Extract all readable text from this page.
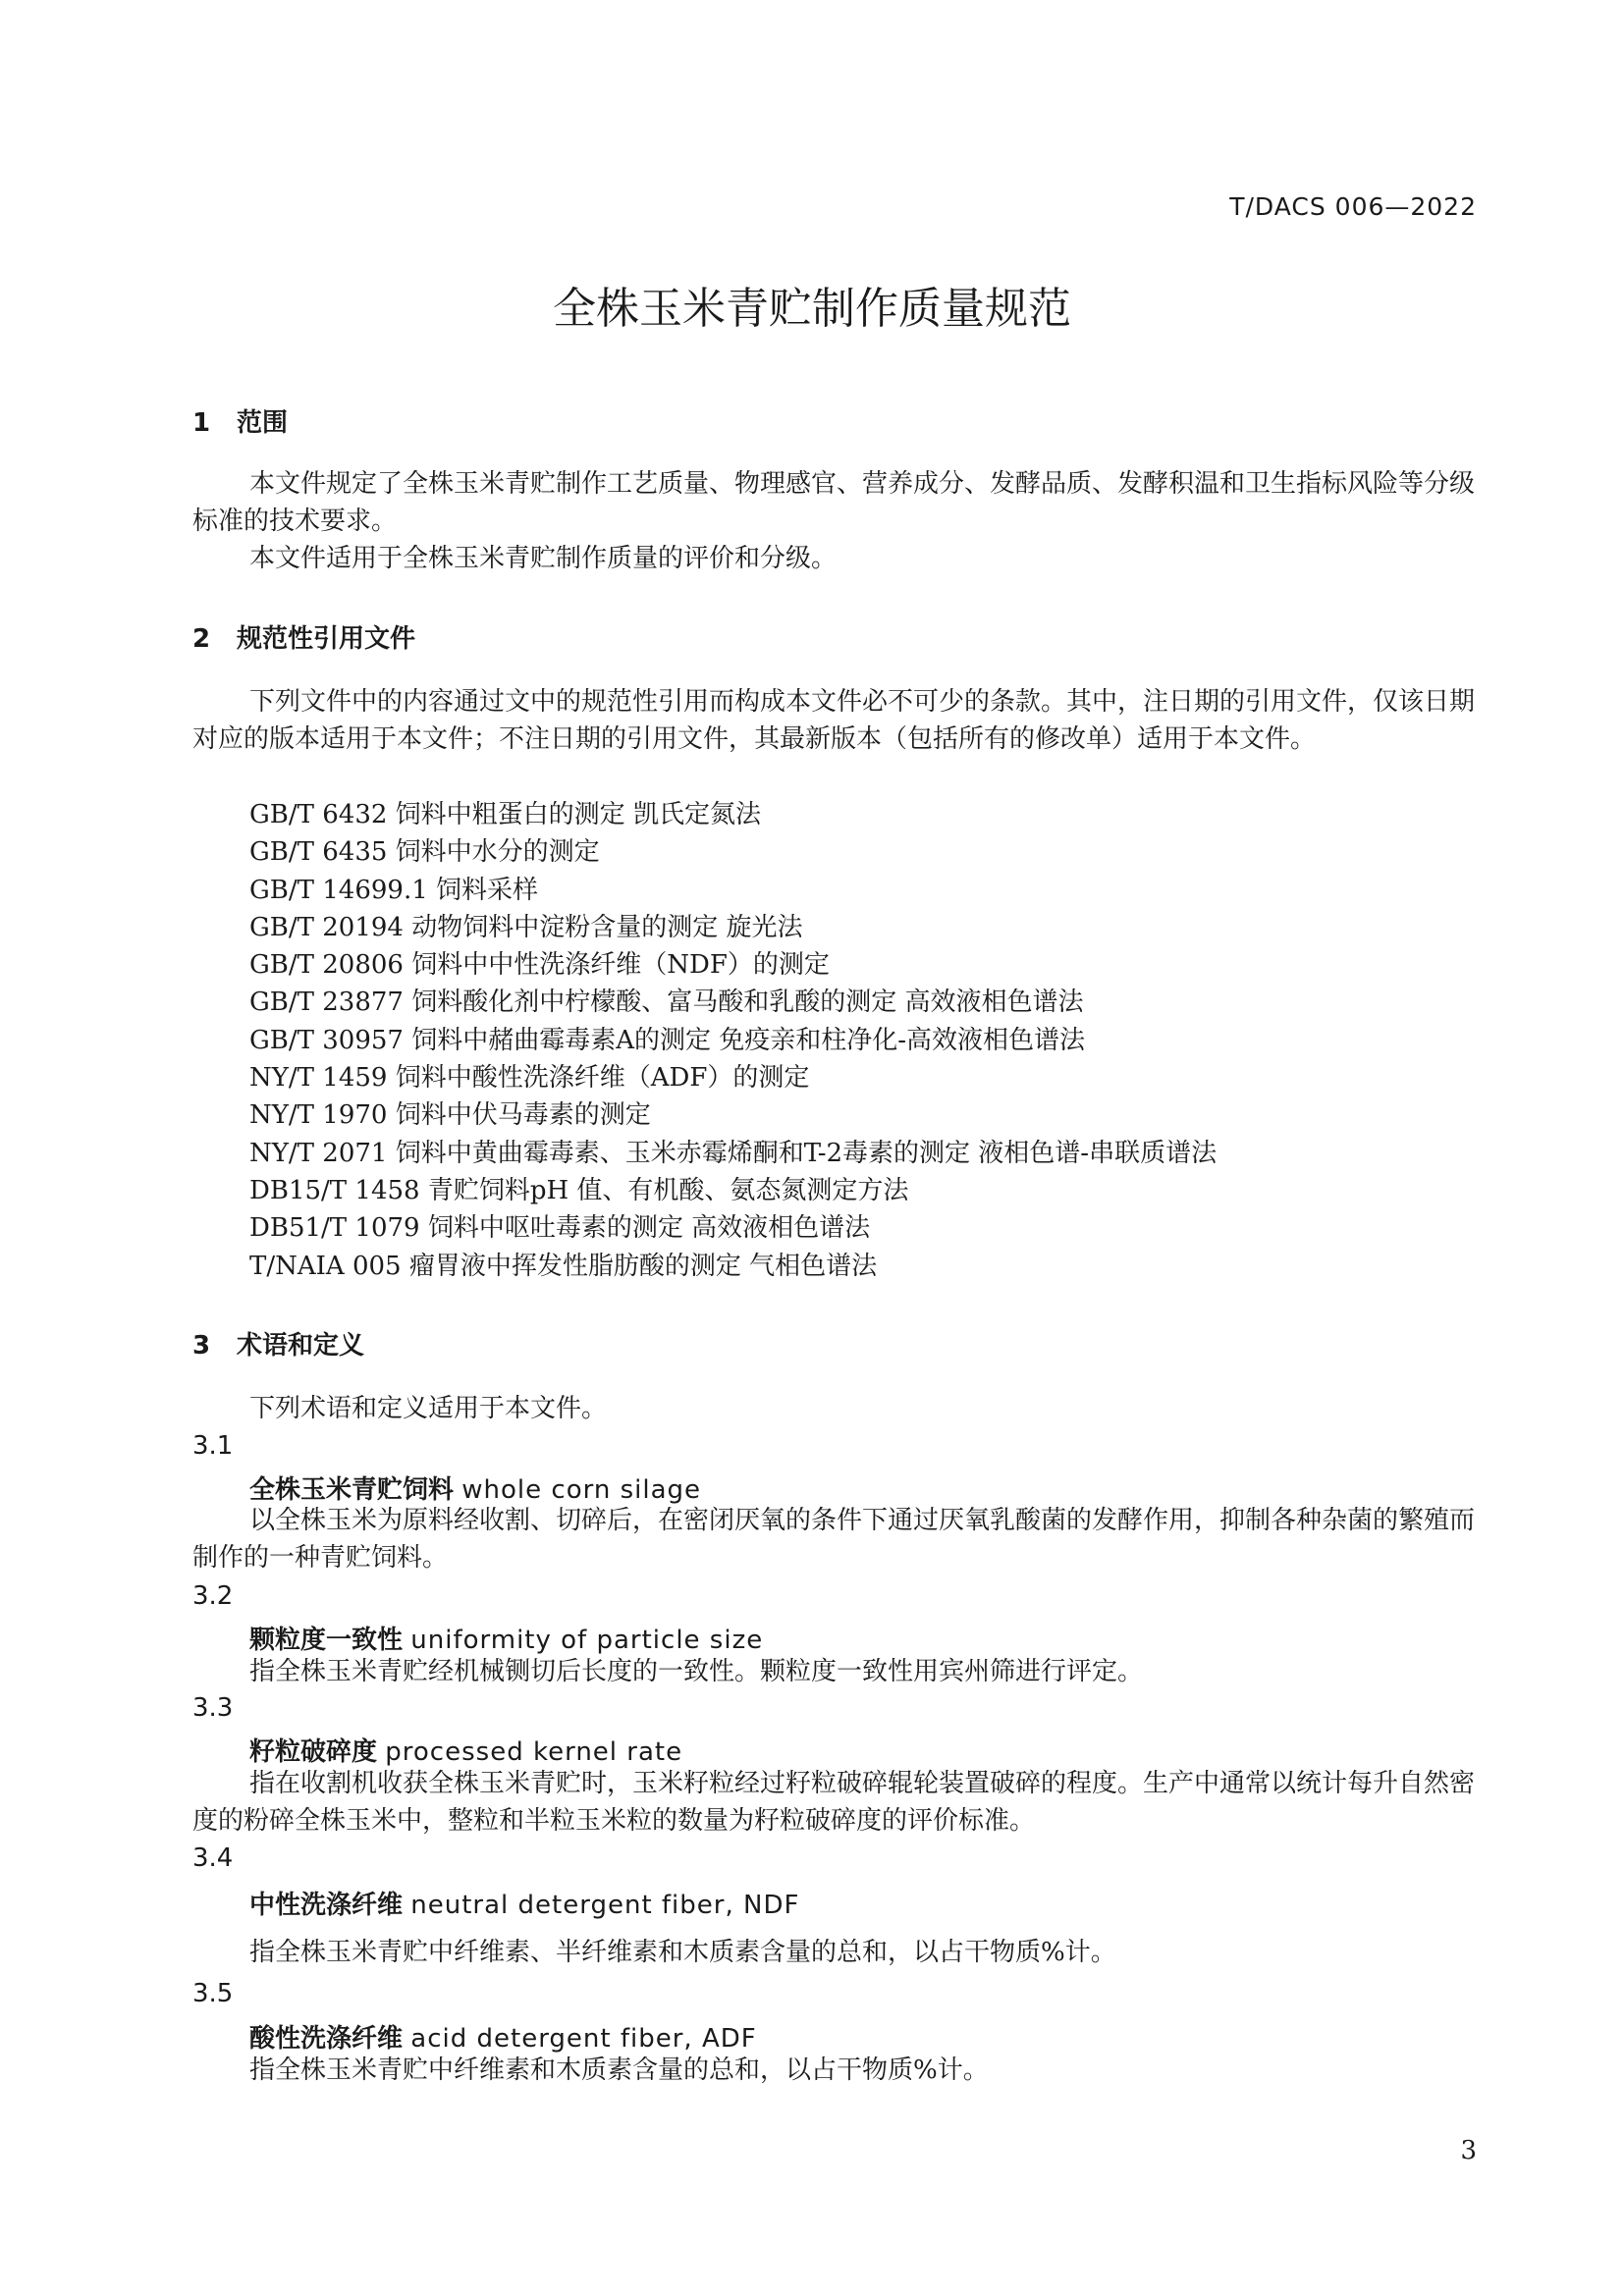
T/DACS 006—2022
全株玉米青贮制作质量规范
1 范围

本文件规定了全株玉米青贮制作工艺质量、物理感官、营养成分、发酵品质、发酵积温和卫生指标风险等分级标准的技术要求。

本文件适用于全株玉米青贮制作质量的评价和分级。

2 规范性引用文件

下列文件中的内容通过文中的规范性引用而构成本文件必不可少的条款。其中，注日期的引用文件，仅该日期对应的版本适用于本文件；不注日期的引用文件，其最新版本（包括所有的修改单）适用于本文件。

GB/T 6432 饲料中粗蛋白的测定 凯氏定氮法
GB/T 6435 饲料中水分的测定
GB/T 14699.1 饲料采样
GB/T 20194 动物饲料中淀粉含量的测定 旋光法
GB/T 20806 饲料中中性洗涤纤维（NDF）的测定
GB/T 23877 饲料酸化剂中柠檬酸、富马酸和乳酸的测定 高效液相色谱法
GB/T 30957 饲料中赭曲霉毒素A的测定 免疫亲和柱净化-高效液相色谱法
NY/T 1459 饲料中酸性洗涤纤维（ADF）的测定
NY/T 1970 饲料中伏马毒素的测定
NY/T 2071 饲料中黄曲霉毒素、玉米赤霉烯酮和T-2毒素的测定 液相色谱-串联质谱法
DB15/T 1458 青贮饲料pH 值、有机酸、氨态氮测定方法
DB51/T 1079 饲料中呕吐毒素的测定 高效液相色谱法
T/NAIA 005 瘤胃液中挥发性脂肪酸的测定 气相色谱法
3 术语和定义

下列术语和定义适用于本文件。

3.1
全株玉米青贮饲料 whole corn silage

以全株玉米为原料经收割、切碎后，在密闭厌氧的条件下通过厌氧乳酸菌的发酵作用，抑制各种杂菌的繁殖而制作的一种青贮饲料。

3.2
颗粒度一致性 uniformity of particle size

指全株玉米青贮经机械铡切后长度的一致性。颗粒度一致性用宾州筛进行评定。

3.3
籽粒破碎度 processed kernel rate

指在收割机收获全株玉米青贮时，玉米籽粒经过籽粒破碎辊轮装置破碎的程度。生产中通常以统计每升自然密度的粉碎全株玉米中，整粒和半粒玉米粒的数量为籽粒破碎度的评价标准。

3.4
中性洗涤纤维 neutral detergent fiber, NDF

指全株玉米青贮中纤维素、半纤维素和木质素含量的总和，以占干物质%计。

3.5
酸性洗涤纤维 acid detergent fiber, ADF

指全株玉米青贮中纤维素和木质素含量的总和，以占干物质%计。

3
